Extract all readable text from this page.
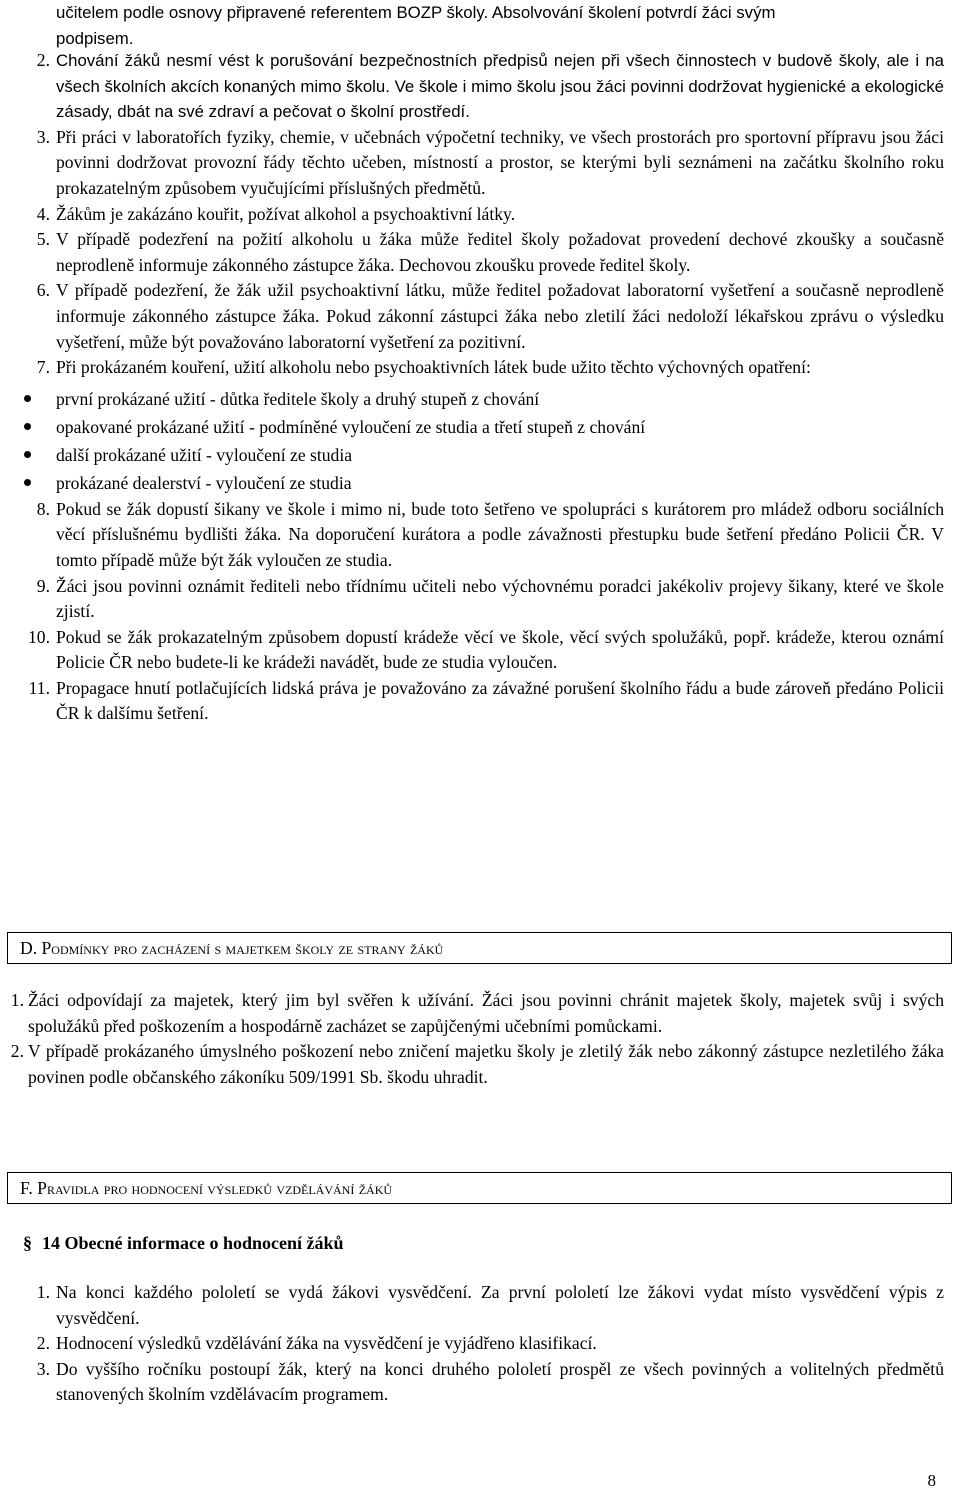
učitelem podle osnovy připravené referentem BOZP školy. Absolvování školení potvrdí žáci svým
podpisem.
2. Chování žáků nesmí vést k porušování bezpečnostních předpisů nejen při všech činnostech v budově školy, ale i na všech školních akcích konaných mimo školu. Ve škole i mimo školu jsou žáci povinni dodržovat hygienické a ekologické zásady, dbát na své zdraví a pečovat o školní prostředí.
3. Při práci v laboratořích fyziky, chemie, v učebnách výpočetní techniky, ve všech prostorách pro sportovní přípravu jsou žáci povinni dodržovat provozní řády těchto učeben, místností a prostor, se kterými byli seznámeni na začátku školního roku prokazatelným způsobem vyučujícími příslušných předmětů.
4. Žákům je zakázáno kouřit, požívat alkohol a psychoaktivní látky.
5. V případě podezření na požití alkoholu u žáka může ředitel školy požadovat provedení dechové zkoušky a současně neprodleně informuje zákonného zástupce žáka. Dechovou zkoušku provede ředitel školy.
6. V případě podezření, že žák užil psychoaktivní látku, může ředitel požadovat laboratorní vyšetření a současně neprodleně informuje zákonného zástupce žáka. Pokud zákonní zástupci žáka nebo zletilí žáci nedoloží lékařskou zprávu o výsledku vyšetření, může být považováno laboratorní vyšetření za pozitivní.
7. Při prokázaném kouření, užití alkoholu nebo psychoaktivních látek bude užito těchto výchovných opatření:
první prokázané užití - důtka ředitele školy a druhý stupeň z chování
opakované prokázané užití - podmíněné vyloučení ze studia a třetí stupeň z chování
další prokázané užití - vyloučení ze studia
prokázané dealerství - vyloučení ze studia
8. Pokud se žák dopustí šikany ve škole i mimo ni, bude toto šetřeno ve spolupráci s kurátorem pro mládež odboru sociálních věcí příslušnému bydlišti žáka. Na doporučení kurátora a podle závažnosti přestupku bude šetření předáno Policii ČR. V tomto případě může být žák vyloučen ze studia.
9. Žáci jsou povinni oznámit řediteli nebo třídnímu učiteli nebo výchovnému poradci jakékoliv projevy šikany, které ve škole zjistí.
10. Pokud se žák prokazatelným způsobem dopustí krádeže věcí ve škole, věcí svých spolužáků, popř. krádeže, kterou oznámí Policie ČR nebo budete-li ke krádeži navádět, bude ze studia vyloučen.
11. Propagace hnutí potlačujících lidská práva je považováno za závažné porušení školního řádu a bude zároveň předáno Policii ČR k dalšímu šetření.
D. Podmínky pro zacházení s majetkem školy ze strany žáků
1. Žáci odpovídají za majetek, který jim byl svěřen k užívání. Žáci jsou povinni chránit majetek školy, majetek svůj i svých spolužáků před poškozením a hospodárně zacházet se zapůjčenými učebními pomůckami.
2. V případě prokázaného úmyslného poškození nebo zničení majetku školy je zletilý žák nebo zákonný zástupce nezletilého žáka povinen podle občanského zákoníku 509/1991 Sb. škodu uhradit.
F. Pravidla pro hodnocení výsledků vzdělávání žáků
§ 14 Obecné informace o hodnocení žáků
1. Na konci každého pololetí se vydá žákovi vysvědčení. Za první pololetí lze žákovi vydat místo vysvědčení výpis z vysvědčení.
2. Hodnocení výsledků vzdělávání žáka na vysvědčení je vyjádřeno klasifikací.
3. Do vyššího ročníku postoupí žák, který na konci druhého pololetí prospěl ze všech povinných a volitelných předmětů stanovených školním vzdělávacím programem.
8
